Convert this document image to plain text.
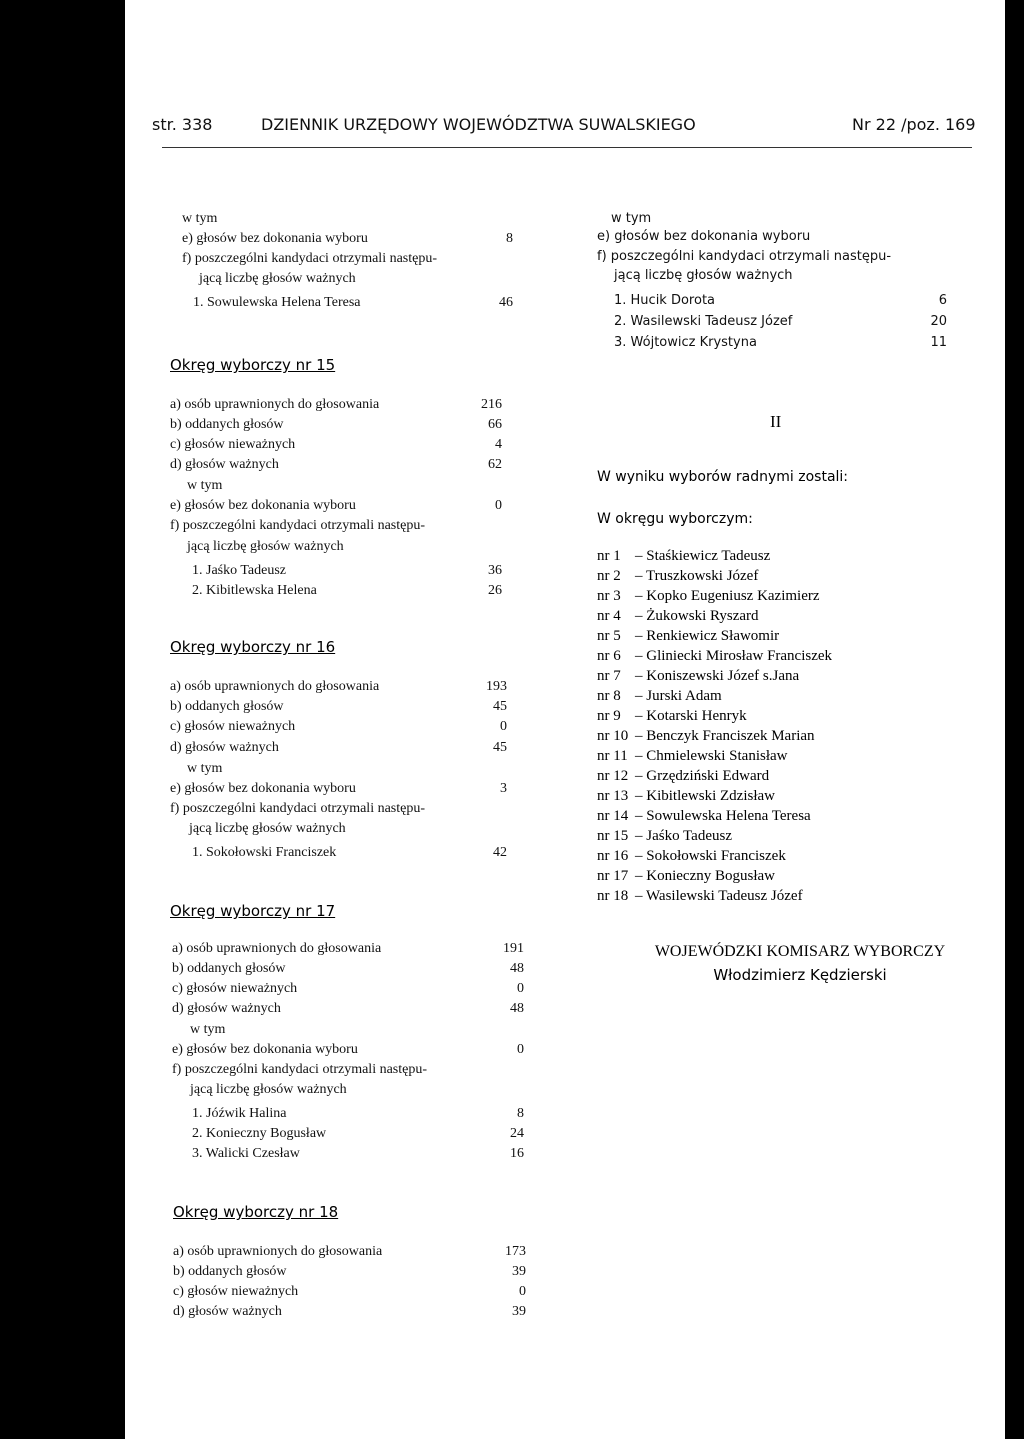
str. 338	DZIENNIK URZĘDOWY WOJEWÓDZTWA SUWALSKIEGO	Nr 22 /poz. 169
w tym
e) głosów bez dokonania wyboru	8
f) poszczególni kandydaci otrzymali następu-
jącą liczbę głosów ważnych
1. Sowulewska Helena Teresa	46
w tym
e) głosów bez dokonania wyboru
f) poszczególni kandydaci otrzymali następu-
jącą liczbę głosów ważnych
1. Hucik Dorota	6
2. Wasilewski Tadeusz Józef	20
3. Wójtowicz Krystyna	11
Okręg wyborczy nr 15
a) osób uprawnionych do głosowania	216
b) oddanych głosów	66
c) głosów nieważnych	4
d) głosów ważnych	62
w tym
e) głosów bez dokonania wyboru	0
f) poszczególni kandydaci otrzymali następu-
jącą liczbę głosów ważnych
1. Jaśko Tadeusz	36
2. Kibitlewska Helena	26
Okręg wyborczy nr 16
a) osób uprawnionych do głosowania	193
b) oddanych głosów	45
c) głosów nieważnych	0
d) głosów ważnych	45
w tym
e) głosów bez dokonania wyboru	3
f) poszczególni kandydaci otrzymali następu-
jącą liczbę głosów ważnych
1. Sokołowski Franciszek	42
Okręg wyborczy nr 17
a) osób uprawnionych do głosowania	191
b) oddanych głosów	48
c) głosów nieważnych	0
d) głosów ważnych	48
w tym
e) głosów bez dokonania wyboru	0
f) poszczególni kandydaci otrzymali następu-
jącą liczbę głosów ważnych
1. Jóźwik Halina	8
2. Konieczny Bogusław	24
3. Walicki Czesław	16
Okręg wyborczy nr 18
a) osób uprawnionych do głosowania	173
b) oddanych głosów	39
c) głosów nieważnych	0
d) głosów ważnych	39
II
W wyniku wyborów radnymi zostali:
W okręgu wyborczym:
nr 1 – Staśkiewicz Tadeusz
nr 2 – Truszkowski Józef
nr 3 – Kopko Eugeniusz Kazimierz
nr 4 – Żukowski Ryszard
nr 5 – Renkiewicz Sławomir
nr 6 – Gliniecki Mirosław Franciszek
nr 7 – Koniszewski Józef s.Jana
nr 8 – Jurski Adam
nr 9 – Kotarski Henryk
nr 10 – Benczyk Franciszek Marian
nr 11 – Chmielewski Stanisław
nr 12 – Grzędziński Edward
nr 13 – Kibitlewski Zdzisław
nr 14 – Sowulewska Helena Teresa
nr 15 – Jaśko Tadeusz
nr 16 – Sokołowski Franciszek
nr 17 – Konieczny Bogusław
nr 18 – Wasilewski Tadeusz Józef
WOJEWÓDZKI KOMISARZ WYBORCZY
Włodzimierz Kędzierski
